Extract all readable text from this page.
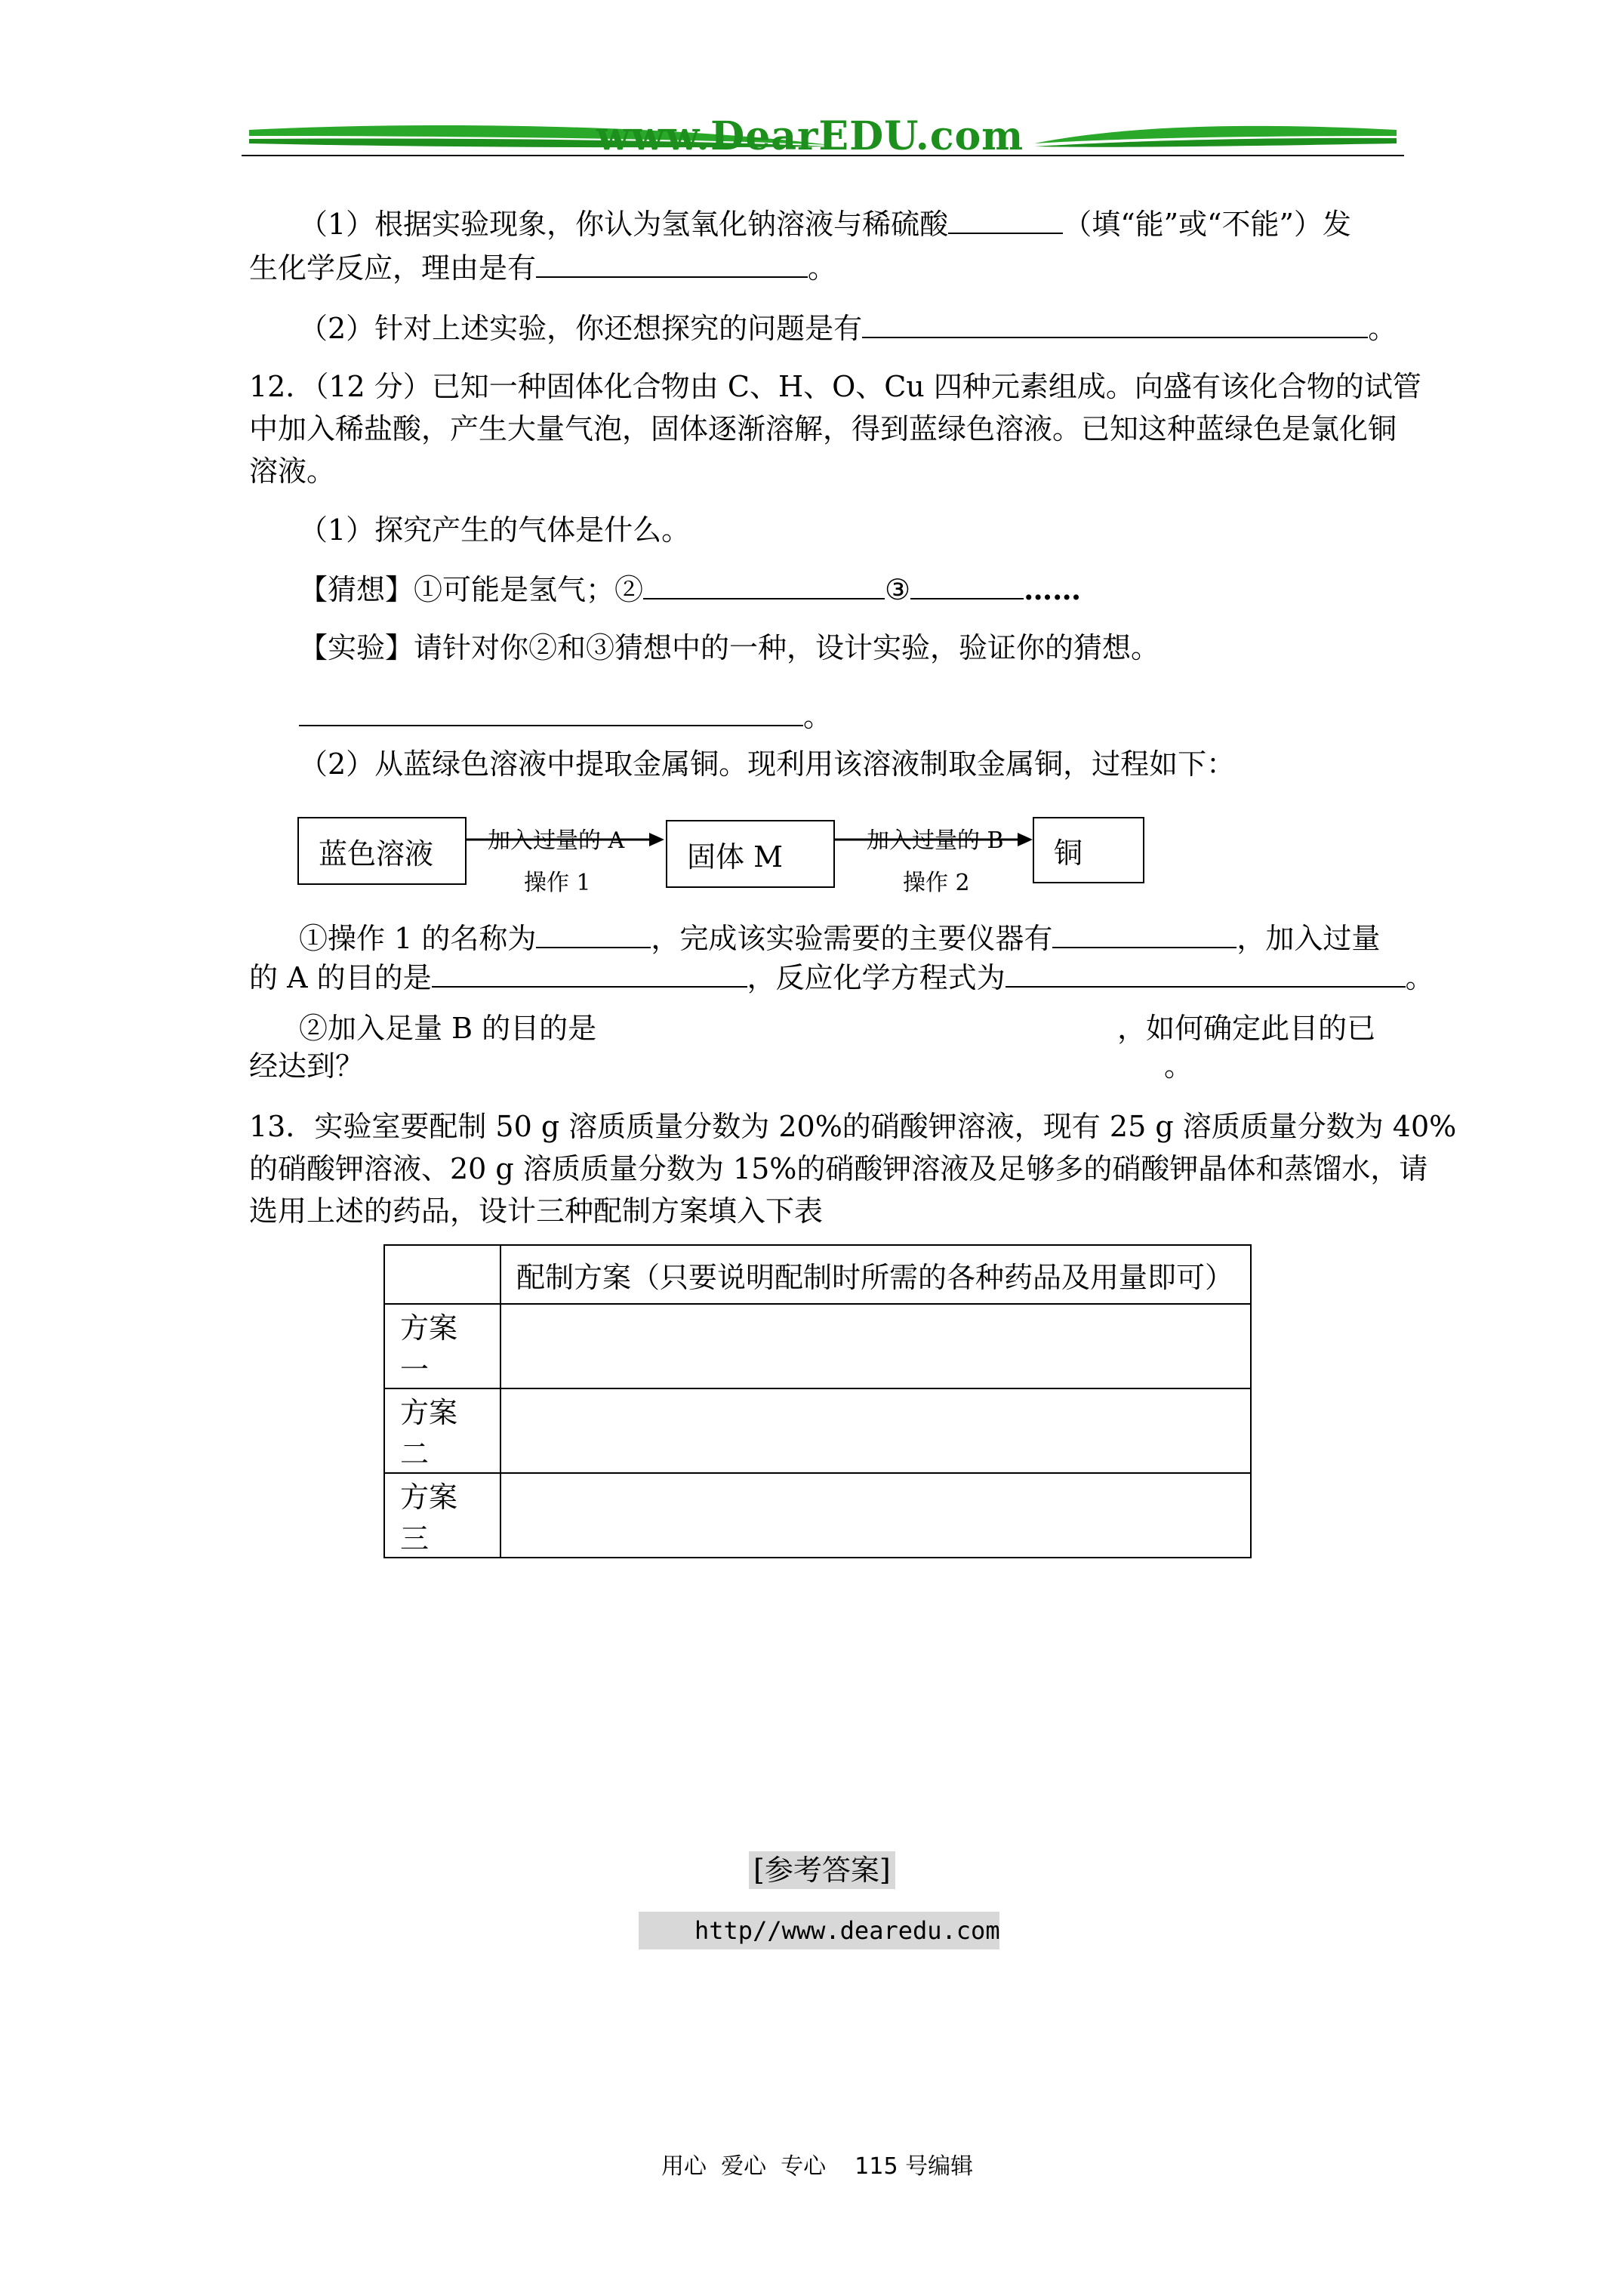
www.DearEDU.com
（1）根据实验现象，你认为氢氧化钠溶液与稀硫酸	（填“能”或“不能”）发
生化学反应，理由是有	。
（2）针对上述实验，你还想探究的问题是有	。
12．（12 分）已知一种固体化合物由 C、H、O、Cu 四种元素组成。向盛有该化合物的试管
中加入稀盐酸，产生大量气泡，固体逐渐溶解，得到蓝绿色溶液。已知这种蓝绿色是氯化铜
溶液。
（1）探究产生的气体是什么。
【猜想】①可能是氢气；②	③	……
【实验】请针对你②和③猜想中的一种，设计实验，验证你的猜想。
。
（2）从蓝绿色溶液中提取金属铜。现利用该溶液制取金属铜，过程如下：
蓝色溶液 加入过量的 A
操作 1
固体 M	加入过量的 B
操作 2
铜
①操作 1 的名称为	，完成该实验需要的主要仪器有	，加入过量
的 A 的目的是	，反应化学方程式为	。
②加入足量 B 的目的是	，如何确定此目的已
经达到？	。
13．实验室要配制 50 g 溶质质量分数为 20%的硝酸钾溶液，现有 25 g 溶质质量分数为 40%
的硝酸钾溶液、20 g 溶质质量分数为 15%的硝酸钾溶液及足够多的硝酸钾晶体和蒸馏水，请
选用上述的药品，设计三种配制方案填入下表
	配制方案（只要说明配制时所需的各种药品及用量即可）
方案一	
方案二	
方案三	
[参考答案]
http//www.dearedu.com
用心  爱心  专心    115 号编辑
